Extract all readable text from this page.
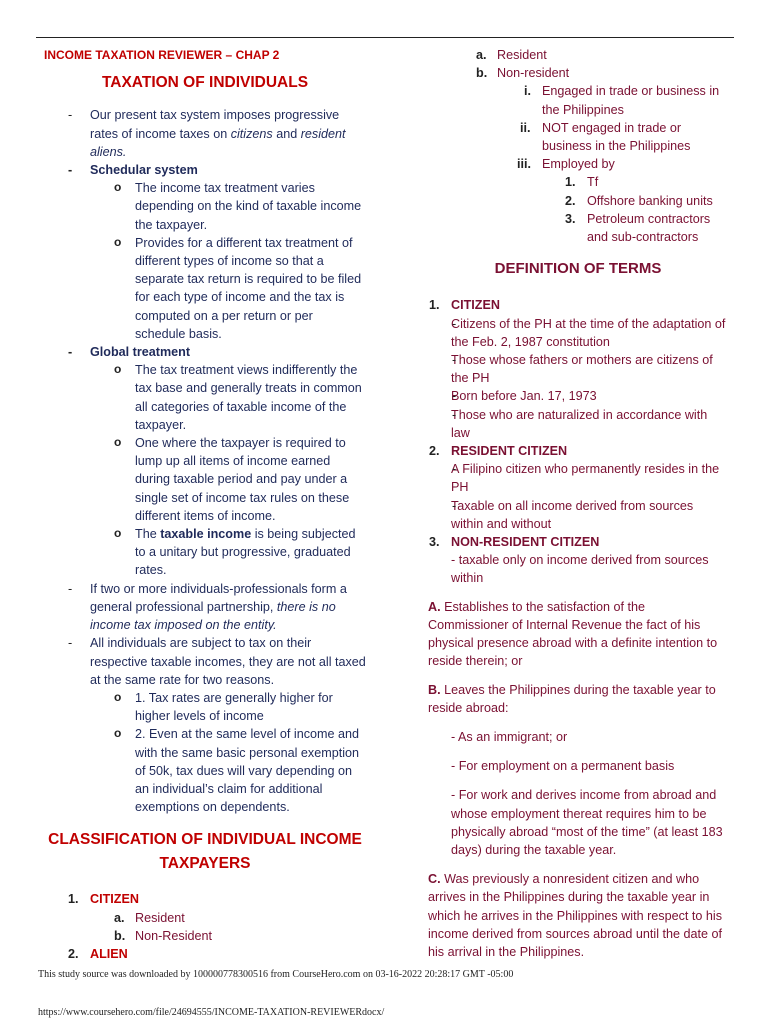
INCOME TAXATION REVIEWER – CHAP 2
TAXATION OF INDIVIDUALS
- Our present tax system imposes progressive rates of income taxes on citizens and resident aliens.
- Schedular system
o The income tax treatment varies depending on the kind of taxable income the taxpayer.
o Provides for a different tax treatment of different types of income so that a separate tax return is required to be filed for each type of income and the tax is computed on a per return or per schedule basis.
- Global treatment
o The tax treatment views indifferently the tax base and generally treats in common all categories of taxable income of the taxpayer.
o One where the taxpayer is required to lump up all items of income earned during taxable period and pay under a single set of income tax rules on these different items of income.
o The taxable income is being subjected to a unitary but progressive, graduated rates.
- If two or more individuals-professionals form a general professional partnership, there is no income tax imposed on the entity.
- All individuals are subject to tax on their respective taxable incomes, they are not all taxed at the same rate for two reasons.
o 1. Tax rates are generally higher for higher levels of income
o 2. Even at the same level of income and with the same basic personal exemption of 50k, tax dues will vary depending on an individual’s claim for additional exemptions on dependents.
CLASSIFICATION OF INDIVIDUAL INCOME TAXPAYERS
1. CITIZEN
a. Resident
b. Non-Resident
2. ALIEN
a. Resident
b. Non-resident
i. Engaged in trade or business in the Philippines
ii. NOT engaged in trade or business in the Philippines
iii. Employed by
1. Tf
2. Offshore banking units
3. Petroleum contractors and sub-contractors
DEFINITION OF TERMS
1. CITIZEN
- Citizens of the PH at the time of the adaptation of the Feb. 2, 1987 constitution
- Those whose fathers or mothers are citizens of the PH
- Born before Jan. 17, 1973
- Those who are naturalized in accordance with law
2. RESIDENT CITIZEN
- A Filipino citizen who permanently resides in the PH
- Taxable on all income derived from sources within and without
3. NON-RESIDENT CITIZEN
- taxable only on income derived from sources within
A. Establishes to the satisfaction of the Commissioner of Internal Revenue the fact of his physical presence abroad with a definite intention to reside therein; or
B. Leaves the Philippines during the taxable year to reside abroad:
- As an immigrant; or
- For employment on a permanent basis
- For work and derives income from abroad and whose employment thereat requires him to be physically abroad “most of the time” (at least 183 days) during the taxable year.
C. Was previously a nonresident citizen and who arrives in the Philippines during the taxable year in which he arrives in the Philippines with respect to his income derived from sources abroad until the date of his arrival in the Philippines.
This study source was downloaded by 100000778300516 from CourseHero.com on 03-16-2022 20:28:17 GMT -05:00
https://www.coursehero.com/file/24694555/INCOME-TAXATION-REVIEWERdocx/
